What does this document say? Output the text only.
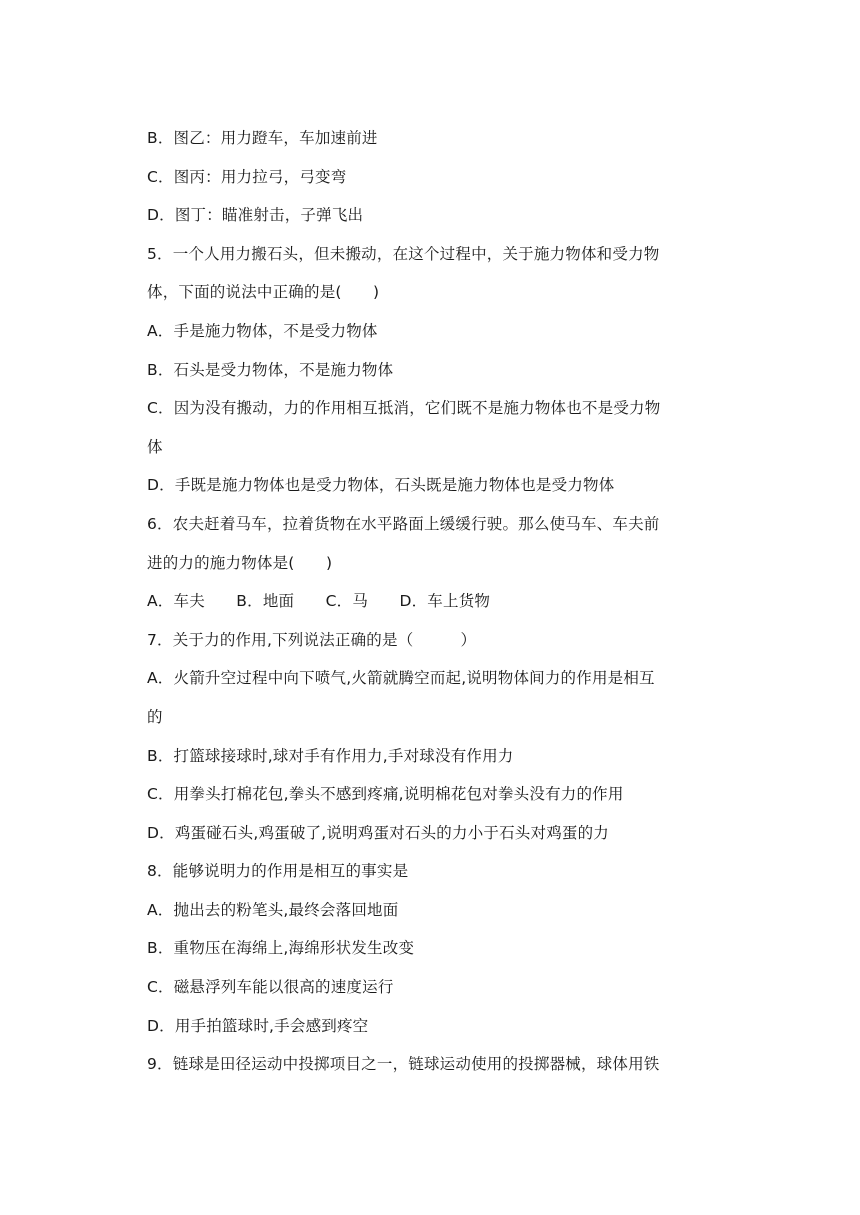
B．图乙：用力蹬车，车加速前进
C．图丙：用力拉弓，弓变弯
D．图丁：瞄准射击，子弹飞出
5．一个人用力搬石头，但未搬动，在这个过程中，关于施力物体和受力物
体，下面的说法中正确的是(　　)
A．手是施力物体，不是受力物体
B．石头是受力物体，不是施力物体
C．因为没有搬动，力的作用相互抵消，它们既不是施力物体也不是受力物
体
D．手既是施力物体也是受力物体，石头既是施力物体也是受力物体
6．农夫赶着马车，拉着货物在水平路面上缓缓行驶。那么使马车、车夫前
进的力的施力物体是(　　)
A．车夫　　B．地面　　C．马　　D．车上货物
7．关于力的作用,下列说法正确的是（　　　）
A．火箭升空过程中向下喷气,火箭就腾空而起,说明物体间力的作用是相互
的
B．打篮球接球时,球对手有作用力,手对球没有作用力
C．用拳头打棉花包,拳头不感到疼痛,说明棉花包对拳头没有力的作用
D．鸡蛋碰石头,鸡蛋破了,说明鸡蛋对石头的力小于石头对鸡蛋的力
8．能够说明力的作用是相互的事实是
A．抛出去的粉笔头,最终会落回地面
B．重物压在海绵上,海绵形状发生改变
C．磁悬浮列车能以很高的速度运行
D．用手拍篮球时,手会感到疼空
9．链球是田径运动中投掷项目之一，链球运动使用的投掷器械，球体用铁
